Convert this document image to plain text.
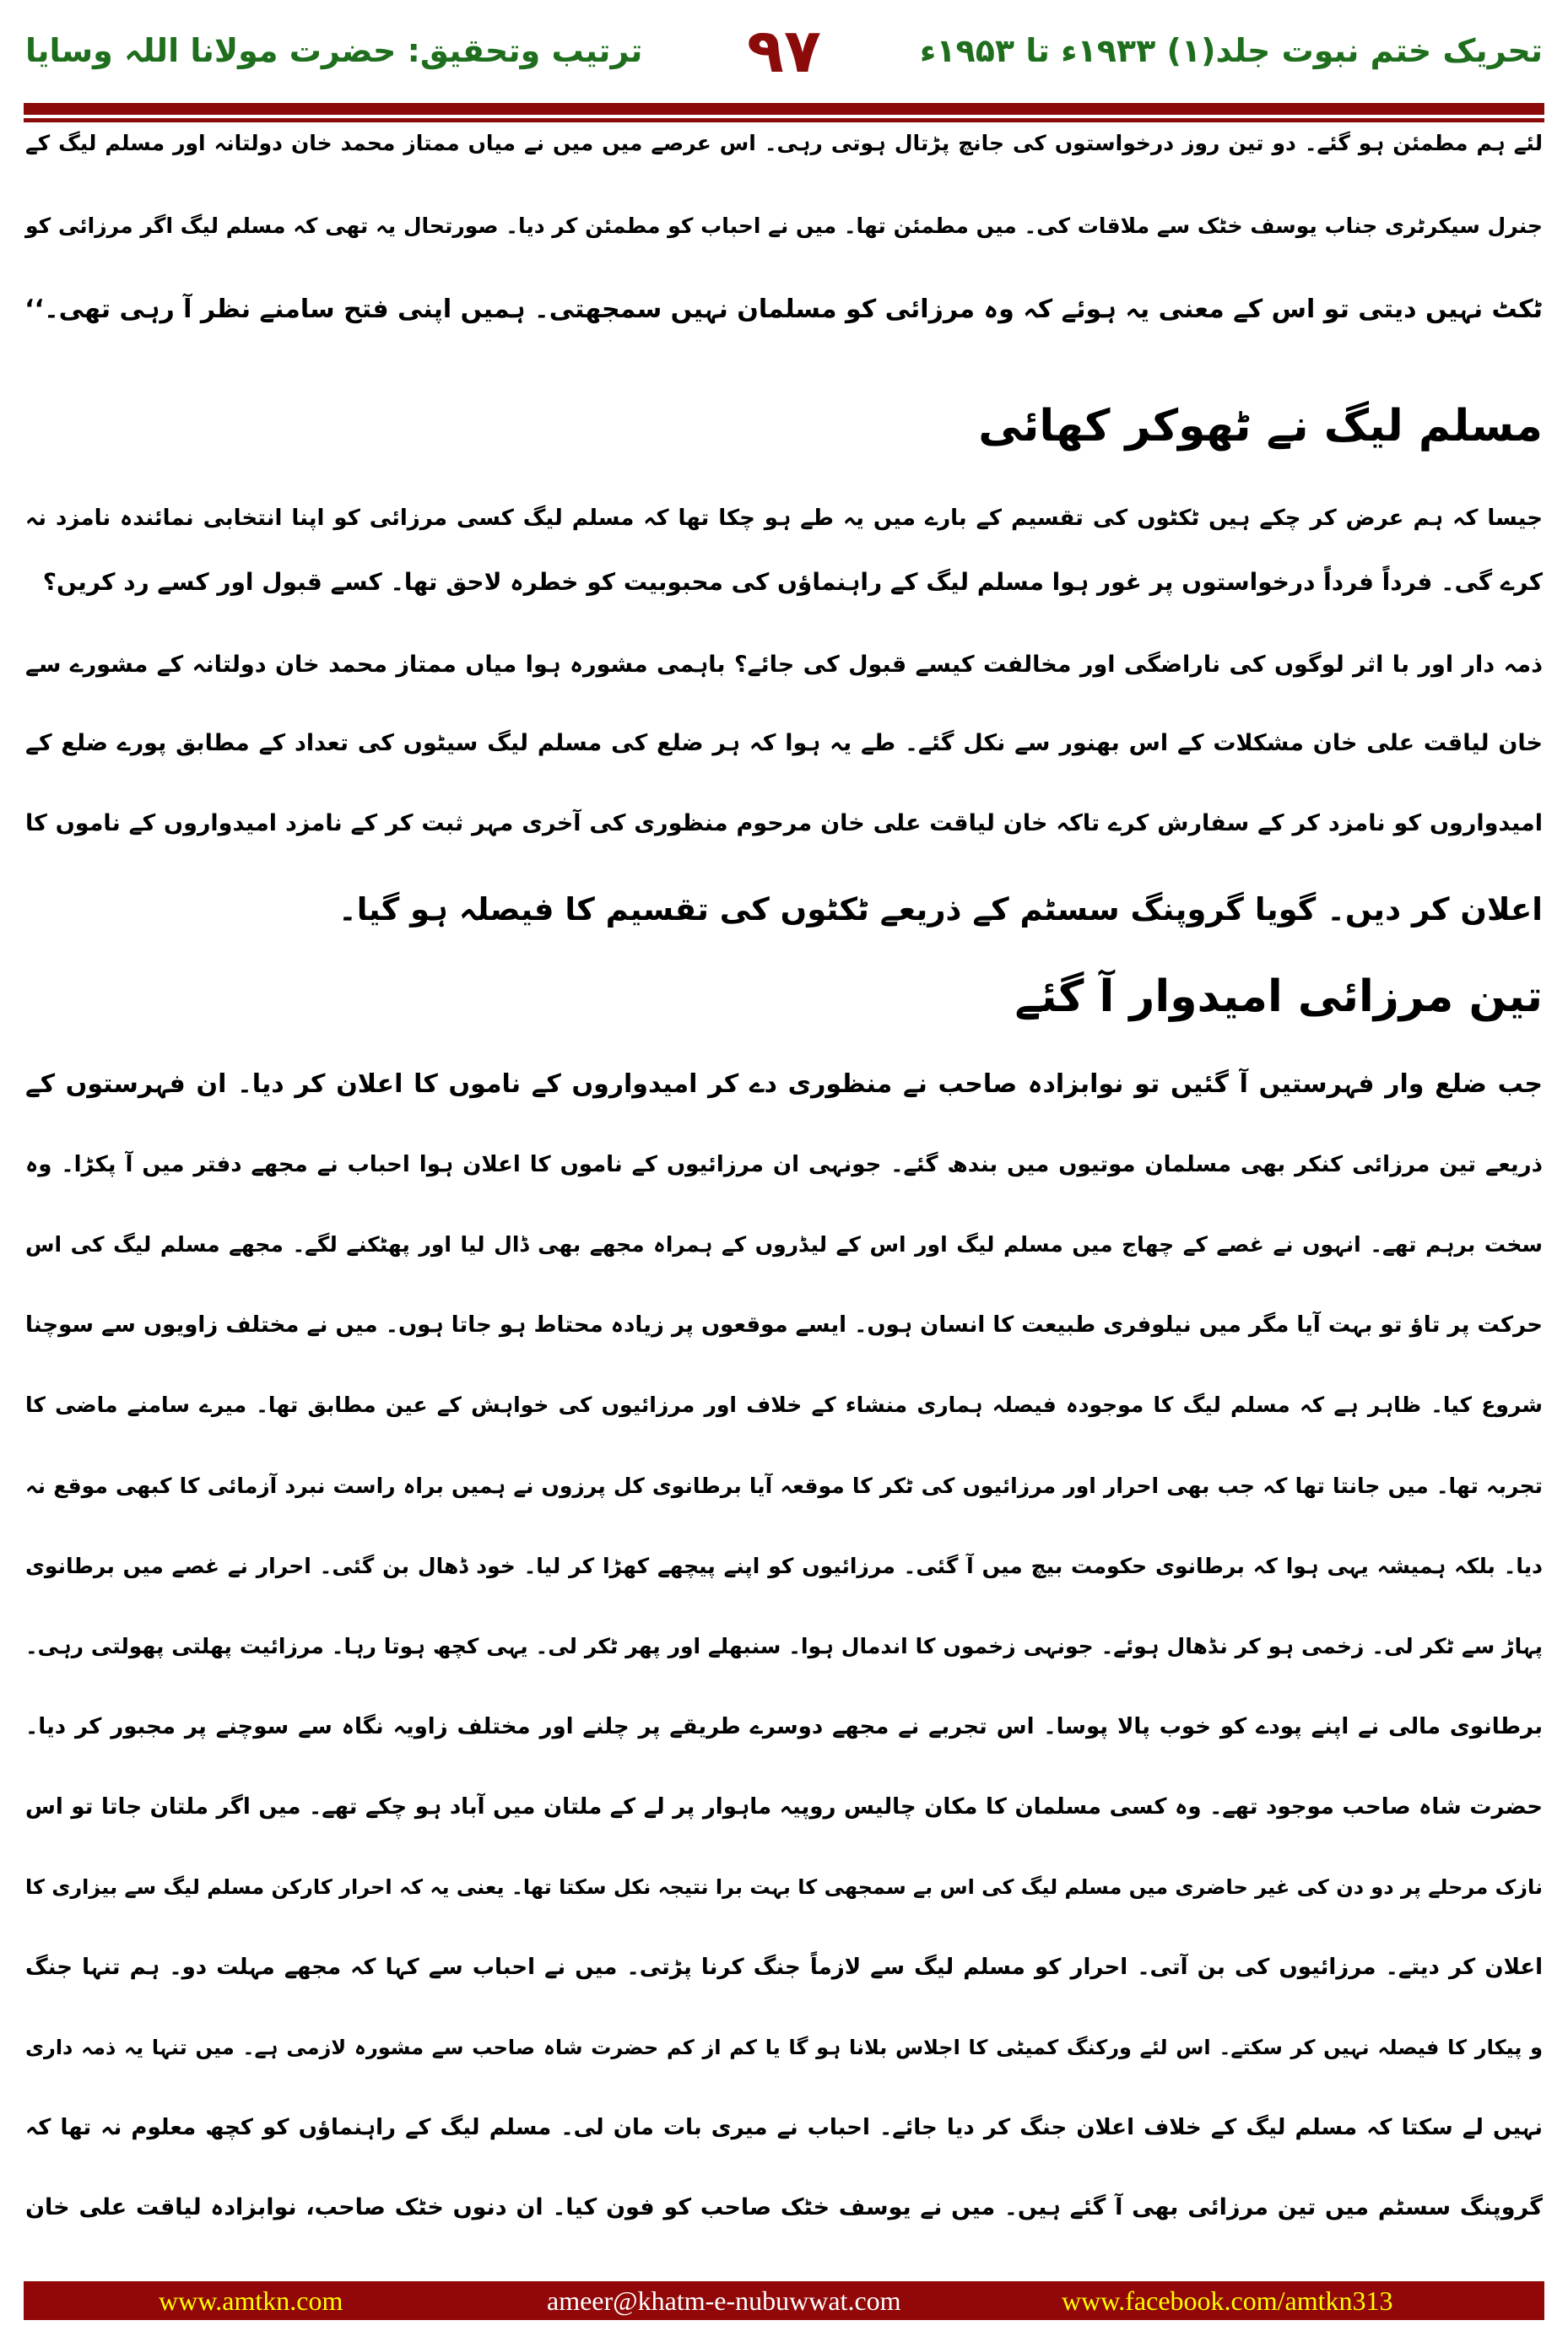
تحریک ختم نبوت جلد(۱) ۱۹۳۳ء تا ۱۹۵۳ء
۹۷
ترتیب وتحقیق: حضرت مولانا اللہ وسایا
لئے ہم مطمئن ہو گئے۔ دو تین روز درخواستوں کی جانچ پڑتال ہوتی رہی۔ اس عرصے میں میں نے میاں ممتاز محمد خان دولتانہ اور مسلم لیگ کے
جنرل سیکرٹری جناب یوسف خٹک سے ملاقات کی۔ میں مطمئن تھا۔ میں نے احباب کو مطمئن کر دیا۔ صورتحال یہ تھی کہ مسلم لیگ اگر مرزائی کو
ٹکٹ نہیں دیتی تو اس کے معنی یہ ہوئے کہ وہ مرزائی کو مسلمان نہیں سمجھتی۔ ہمیں اپنی فتح سامنے نظر آ رہی تھی۔‘‘
مسلم لیگ نے ٹھوکر کھائی
جیسا کہ ہم عرض کر چکے ہیں ٹکٹوں کی تقسیم کے بارے میں یہ طے ہو چکا تھا کہ مسلم لیگ کسی مرزائی کو اپنا انتخابی نمائندہ نامزد نہ
کرے گی۔ فرداً فرداً درخواستوں پر غور ہوا مسلم لیگ کے راہنماؤں کی محبوبیت کو خطرہ لاحق تھا۔ کسے قبول اور کسے رد کریں؟
ذمہ دار اور با اثر لوگوں کی ناراضگی اور مخالفت کیسے قبول کی جائے؟ باہمی مشورہ ہوا میاں ممتاز محمد خان دولتانہ کے مشورے سے
خان لیاقت علی خان مشکلات کے اس بھنور سے نکل گئے۔ طے یہ ہوا کہ ہر ضلع کی مسلم لیگ سیٹوں کی تعداد کے مطابق پورے ضلع کے
امیدواروں کو نامزد کر کے سفارش کرے تاکہ خان لیاقت علی خان مرحوم منظوری کی آخری مہر ثبت کر کے نامزد امیدواروں کے ناموں کا
اعلان کر دیں۔ گویا گروپنگ سسٹم کے ذریعے ٹکٹوں کی تقسیم کا فیصلہ ہو گیا۔
تین مرزائی امیدوار آ گئے
جب ضلع وار فہرستیں آ گئیں تو نوابزادہ صاحب نے منظوری دے کر امیدواروں کے ناموں کا اعلان کر دیا۔ ان فہرستوں کے
ذریعے تین مرزائی کنکر بھی مسلمان موتیوں میں بندھ گئے۔ جونہی ان مرزائیوں کے ناموں کا اعلان ہوا احباب نے مجھے دفتر میں آ پکڑا۔ وہ
سخت برہم تھے۔ انہوں نے غصے کے چھاج میں مسلم لیگ اور اس کے لیڈروں کے ہمراہ مجھے بھی ڈال لیا اور پھٹکنے لگے۔ مجھے مسلم لیگ کی اس
حرکت پر تاؤ تو بہت آیا مگر میں نیلوفری طبیعت کا انسان ہوں۔ ایسے موقعوں پر زیادہ محتاط ہو جاتا ہوں۔ میں نے مختلف زاویوں سے سوچنا
شروع کیا۔ ظاہر ہے کہ مسلم لیگ کا موجودہ فیصلہ ہماری منشاء کے خلاف اور مرزائیوں کی خواہش کے عین مطابق تھا۔ میرے سامنے ماضی کا
تجربہ تھا۔ میں جانتا تھا کہ جب بھی احرار اور مرزائیوں کی ٹکر کا موقعہ آیا برطانوی کل پرزوں نے ہمیں براہ راست نبرد آزمائی کا کبھی موقع نہ
دیا۔ بلکہ ہمیشہ یہی ہوا کہ برطانوی حکومت بیچ میں آ گئی۔ مرزائیوں کو اپنے پیچھے کھڑا کر لیا۔ خود ڈھال بن گئی۔ احرار نے غصے میں برطانوی
پہاڑ سے ٹکر لی۔ زخمی ہو کر نڈھال ہوئے۔ جونہی زخموں کا اندمال ہوا۔ سنبھلے اور پھر ٹکر لی۔ یہی کچھ ہوتا رہا۔ مرزائیت پھلتی پھولتی رہی۔
برطانوی مالی نے اپنے پودے کو خوب پالا پوسا۔ اس تجربے نے مجھے دوسرے طریقے پر چلنے اور مختلف زاویہ نگاہ سے سوچنے پر مجبور کر دیا۔
حضرت شاہ صاحب موجود تھے۔ وہ کسی مسلمان کا مکان چالیس روپیہ ماہوار پر لے کے ملتان میں آباد ہو چکے تھے۔ میں اگر ملتان جاتا تو اس
نازک مرحلے پر دو دن کی غیر حاضری میں مسلم لیگ کی اس بے سمجھی کا بہت برا نتیجہ نکل سکتا تھا۔ یعنی یہ کہ احرار کارکن مسلم لیگ سے بیزاری کا
اعلان کر دیتے۔ مرزائیوں کی بن آتی۔ احرار کو مسلم لیگ سے لازماً جنگ کرنا پڑتی۔ میں نے احباب سے کہا کہ مجھے مہلت دو۔ ہم تنہا جنگ
و پیکار کا فیصلہ نہیں کر سکتے۔ اس لئے ورکنگ کمیٹی کا اجلاس بلانا ہو گا یا کم از کم حضرت شاہ صاحب سے مشورہ لازمی ہے۔ میں تنہا یہ ذمہ داری
نہیں لے سکتا کہ مسلم لیگ کے خلاف اعلان جنگ کر دیا جائے۔ احباب نے میری بات مان لی۔ مسلم لیگ کے راہنماؤں کو کچھ معلوم نہ تھا کہ
گروپنگ سسٹم میں تین مرزائی بھی آ گئے ہیں۔ میں نے یوسف خٹک صاحب کو فون کیا۔ ان دنوں خٹک صاحب، نوابزادہ لیاقت علی خان
www.amtkn.com	ameer@khatm-e-nubuwwat.com	www.facebook.com/amtkn313
